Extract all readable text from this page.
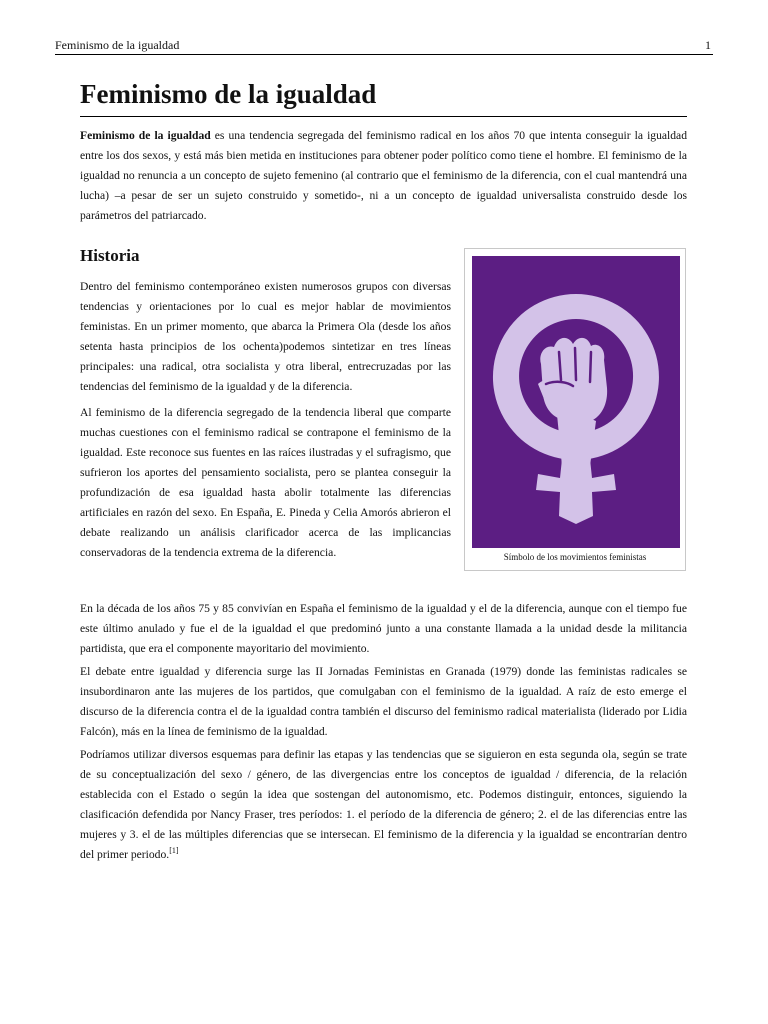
Feminismo de la igualdad	1
Feminismo de la igualdad

Feminismo de la igualdad es una tendencia segregada del feminismo radical en los años 70 que intenta conseguir la igualdad entre los dos sexos, y está más bien metida en instituciones para obtener poder político como tiene el hombre. El feminismo de la igualdad no renuncia a un concepto de sujeto femenino (al contrario que el feminismo de la diferencia, con el cual mantendrá una lucha) –a pesar de ser un sujeto construido y sometido-, ni a un concepto de igualdad universalista construido desde los parámetros del patriarcado.

Historia

Dentro del feminismo contemporáneo existen numerosos grupos con diversas tendencias y orientaciones por lo cual es mejor hablar de movimientos feministas. En un primer momento, que abarca la Primera Ola (desde los años setenta hasta principios de los ochenta)podemos sintetizar en tres líneas principales: una radical, otra socialista y otra liberal, entrecruzadas por las tendencias del feminismo de la igualdad y de la diferencia.

Al feminismo de la diferencia segregado de la tendencia liberal que comparte muchas cuestiones con el feminismo radical se contrapone el feminismo de la igualdad. Este reconoce sus fuentes en las raíces ilustradas y el sufragismo, que sufrieron los aportes del pensamiento socialista, pero se plantea conseguir la profundización de esa igualdad hasta abolir totalmente las diferencias artificiales en razón del sexo. En España, E. Pineda y Celia Amorós abrieron el debate realizando un análisis clarificador acerca de las implicancias conservadoras de la tendencia extrema de la diferencia.	Símbolo de los movimientos feministas

En la década de los años 75 y 85 convivían en España el feminismo de la igualdad y el de la diferencia, aunque con el tiempo fue este último anulado y fue el de la igualdad el que predominó junto a una constante llamada a la unidad desde la militancia partidista, que era el componente mayoritario del movimiento.

El debate entre igualdad y diferencia surge las II Jornadas Feministas en Granada (1979) donde las feministas radicales se insubordinaron ante las mujeres de los partidos, que comulgaban con el feminismo de la igualdad. A raíz de esto emerge el discurso de la diferencia contra el de la igualdad contra también el discurso del feminismo radical materialista (liderado por Lidia Falcón), más en la línea de feminismo de la igualdad.

Podríamos utilizar diversos esquemas para definir las etapas y las tendencias que se siguieron en esta segunda ola, según se trate de su conceptualización del sexo / género, de las divergencias entre los conceptos de igualdad / diferencia, de la relación establecida con el Estado o según la idea que sostengan del autonomismo, etc. Podemos distinguir, entonces, siguiendo la clasificación defendida por Nancy Fraser, tres períodos: 1. el período de la diferencia de género; 2. el de las diferencias entre las mujeres y 3. el de las múltiples diferencias que se intersecan. El feminismo de la diferencia y la igualdad se encontrarían dentro del primer periodo.[1]
